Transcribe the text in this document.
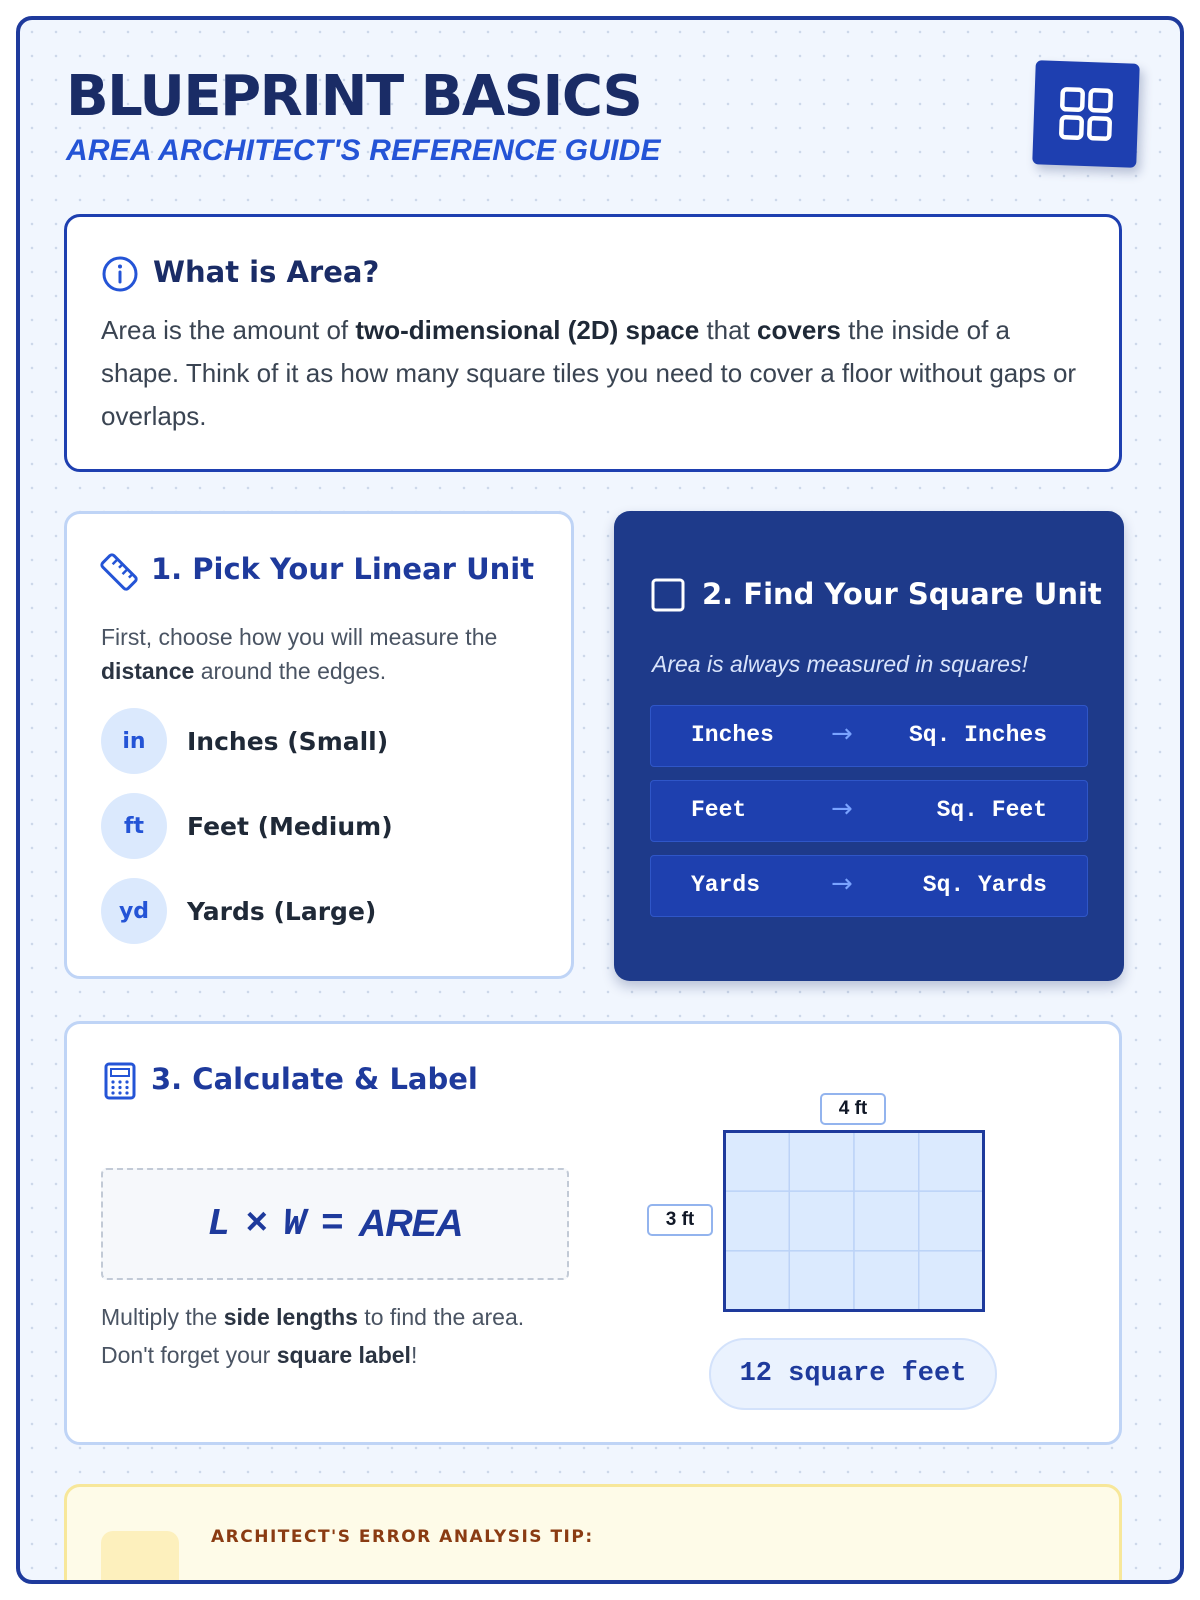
BLUEPRINT BASICS
AREA ARCHITECT'S REFERENCE GUIDE
What is Area?

Area is the amount of two-dimensional (2D) space that covers the inside of a shape. Think of it as how many square tiles you need to cover a floor without gaps or overlaps.

1. Pick Your Linear Unit

First, choose how you will measure the distance around the edges.

in	Inches (Small)
ft	Feet (Medium)
yd	Yards (Large)
2. Find Your Square Unit
Area is always measured in squares!
Inches → Sq. Inches
Feet	→	Sq. Feet
Yards	→	Sq. Yards
3. Calculate & Label
L × W = AREA

Multiply the side lengths to find the area.
Don't forget your square label!

4 ft
3 ft
12 square feet
ARCHITECT'S ERROR ANALYSIS TIP:
